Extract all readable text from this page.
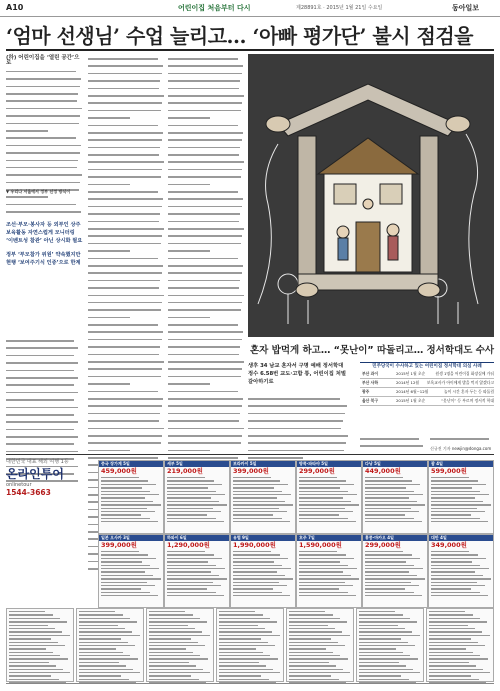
A10	어린이집 처음부터 다시	제28891호 · 2015년 1월 21일 수요일	동아일보
‘엄마 선생님’ 수업 늘리고… ‘아빠 평가단’ 불시 점검을
(하) 어린이집을 ‘열린 공간’으로
▼ 우리나 서울에서 정부 선정 방식이
조선·부모·봉사자 등 외부인 상주
보육활동 자연스럽게 모니터링
‘이벤트성 참관’ 아닌 상시화 필요
정부 ‘부모참가 위원’ 약속했지만
현행 ‘보여주기식 인증’으로 한계
혼자 밥먹게 하고… “못난이” 따돌리고… 정서학대도 수사
생후 34 남교 혼자서 구명 예배 정서학대 정수 6.58번 교도·고합 통, 어린이집 처벌 갈아하기로
민주당국이 수사하고 있는 어린이집 정서학대 의심 사례
부산 과이	2015년 1월 초순	원생 1명을 어린이집 화장실에 가둬
부산 사하	2014년 12월	보육교사가 아이에게 밥을 먹지 않겠다고
광주	2014년 6월~12월	놀이 시간 혼자 두는 등 따돌림
울산 북구	2015년 1월 초순	“못난이” 등 부르며 정서적 학대
신규진 기자 newjin@donga.com
대한민국 대표 해외 여행 1등
온라인투어
onlinetour
1544-3663
중국 장가계 5일
459,000원
세부 5일
219,000원
보라카이 5일
399,000원
방콕·파타야 5일
299,000원
다낭 5일
449,000원
괌 4일
599,000원
일본 오사카 3일
399,000원
하와이 6일
1,290,000원
유럽 9일
1,990,000원
호주 7일
1,590,000원
홍콩·마카오 4일
299,000원
대만 4일
349,000원
